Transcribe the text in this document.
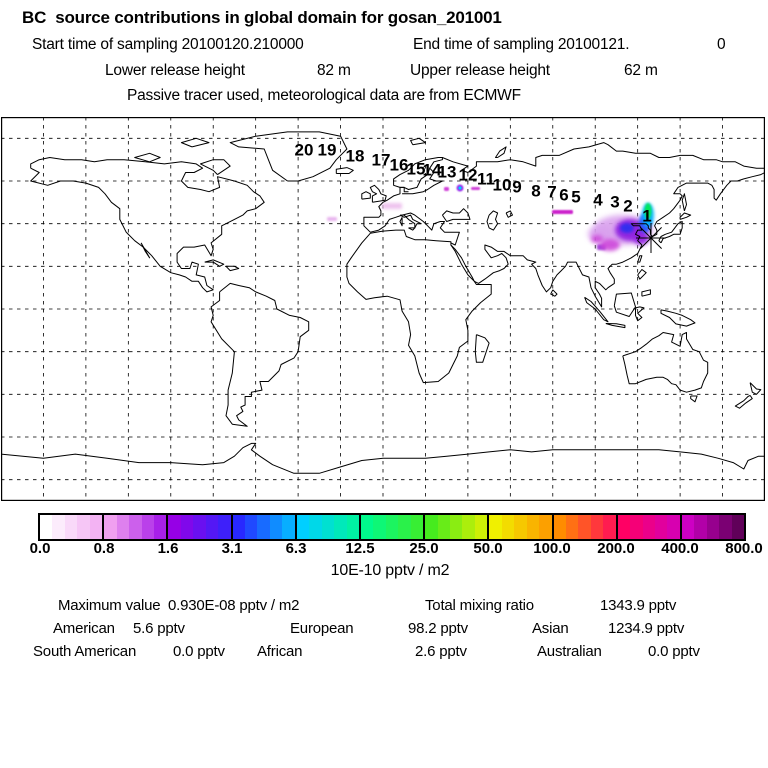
BC  source contributions in global domain for gosan_201001
Start time of sampling 20100120.210000	End time of sampling 20100121.	0
Lower release height	82 m	Upper release height	62 m
Passive tracer used, meteorological data are from ECMWF
20 19 18 17 16
15
14
13 12 11
10 9 8 7 6 5 4 3 2
1
0.0	0.8	1.6	3.1	6.3	12.5 25.0 50.0 100.0 200.0 400.0 800.0
10E-10 pptv / m2
Maximum value 0.930E-08 pptv / m2	Total mixing ratio	1343.9 pptv
American 5.6 pptv	European	98.2 pptv	Asian	1234.9 pptv
South American 0.0 pptv African	2.6 pptv	Australian	0.0 pptv
